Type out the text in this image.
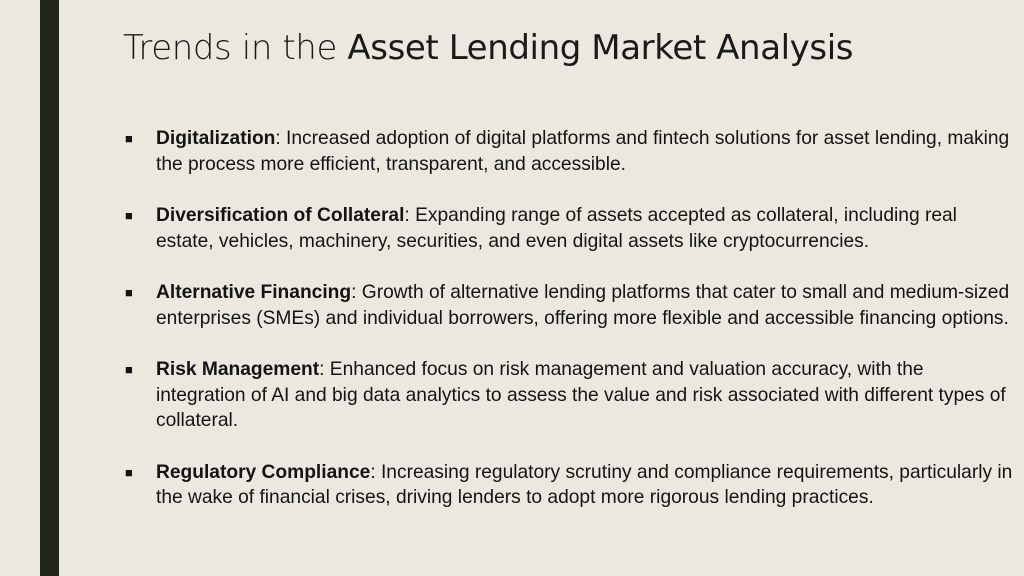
Trends in the Asset Lending Market Analysis
■ Digitalization: Increased adoption of digital platforms and fintech solutions for asset lending, making the process more efficient, transparent, and accessible.
■ Diversification of Collateral: Expanding range of assets accepted as collateral, including real estate, vehicles, machinery, securities, and even digital assets like cryptocurrencies.
■ Alternative Financing: Growth of alternative lending platforms that cater to small and medium-sized enterprises (SMEs) and individual borrowers, offering more flexible and accessible financing options.
■ Risk Management: Enhanced focus on risk management and valuation accuracy, with the integration of AI and big data analytics to assess the value and risk associated with different types of collateral.
■ Regulatory Compliance: Increasing regulatory scrutiny and compliance requirements, particularly in the wake of financial crises, driving lenders to adopt more rigorous lending practices.
